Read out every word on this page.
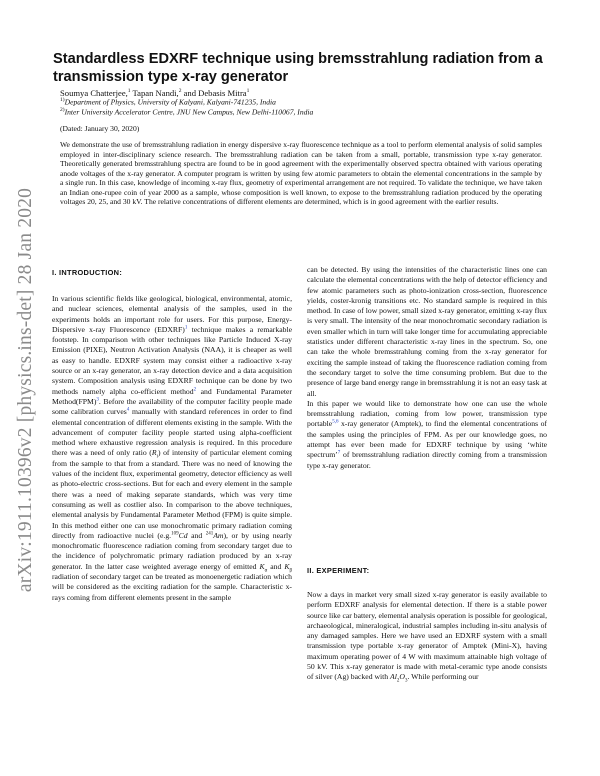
arXiv:1911.10396v2 [physics.ins-det] 28 Jan 2020
Standardless EDXRF technique using bremsstrahlung radiation from a transmission type x-ray generator
Soumya Chatterjee,$^1$ Tapan Nandi,$^2$ and Debasis Mitra$^1$
$^{1)}$Department of Physics, University of Kalyani, Kalyani-741235, India
$^{2)}$Inter University Accelerator Centre, JNU New Campus, New Delhi-110067, India
(Dated: January 30, 2020)

We demonstrate the use of bremsstrahlung radiation in energy dispersive x-ray fluorescence technique as a tool to perform elemental analysis of solid samples employed in inter-disciplinary science research. The bremsstrahlung radiation can be taken from a small, portable, transmission type x-ray generator. Theoretically generated bremsstrahlung spectra are found to be in good agreement with the experimentally observed spectra obtained with various operating anode voltages of the x-ray generator. A computer program is written by using few atomic parameters to obtain the elemental concentrations in the sample by a single run. In this case, knowledge of incoming x-ray flux, geometry of experimental arrangement are not required. To validate the technique, we have taken an Indian one-rupee coin of year 2000 as a sample, whose composition is well known, to expose to the bremsstrahlung radiation produced by the operating voltages 20, 25, and 30 kV. The relative concentrations of different elements are determined, which is in good agreement with the earlier results.

I. INTRODUCTION:

In various scientific fields like geological, biological, environmental, atomic, and nuclear sciences, elemental analysis of the samples, used in the experiments holds an important role for users. For this purpose, Energy-Dispersive x-ray Fluorescence (EDXRF)$^1$ technique makes a remarkable footstep. In comparison with other techniques like Particle Induced X-ray Emission (PIXE), Neutron Activation Analysis (NAA), it is cheaper as well as easy to handle. EDXRF system may consist either a radioactive x-ray source or an x-ray generator, an x-ray detection device and a data acquisition system. Composition analysis using EDXRF technique can be done by two methods namely alpha co-efficient method$^2$ and Fundamental Parameter Method(FPM)$^3$. Before the availability of the computer facility people made some calibration curves$^4$ manually with standard references in order to find elemental concentration of different elements existing in the sample. With the advancement of computer facility people started using alpha-coefficient method where exhaustive regression analysis is required. In this procedure there was a need of only ratio $(R_i)$ of intensity of particular element coming from the sample to that from a standard. There was no need of knowing the values of the incident flux, experimental geometry, detector efficiency as well as photo-electric cross-sections. But for each and every element in the sample there was a need of making separate standards, which was very time consuming as well as costlier also. In comparison to the above techniques, elemental analysis by Fundamental Parameter Method (FPM) is quite simple. In this method either one can use monochromatic primary radiation coming directly from radioactive nuclei (e.g.$^{109}$Cd and $^{241}$Am), or by using nearly monochromatic fluorescence radiation coming from secondary target due to the incidence of polychromatic primary radiation produced by an x-ray generator. In the latter case weighted average energy of emitted $K_\alpha$ and $K_\beta$ radiation of secondary target can be treated as monoenergetic radiation which will be considered as the exciting radiation for the sample. Characteristic x-rays coming from different elements present in the sample

can be detected. By using the intensities of the characteristic lines one can calculate the elemental concentrations with the help of detector efficiency and few atomic parameters such as photo-ionization cross-section, fluorescence yields, coster-kronig transitions etc. No standard sample is required in this method. In case of low power, small sized x-ray generator, emitting x-ray flux is very small. The intensity of the near monochromatic secondary radiation is even smaller which in turn will take longer time for accumulating appreciable statistics under different characteristic x-ray lines in the spectrum. So, one can take the whole bremsstrahlung coming from the x-ray generator for exciting the sample instead of taking the fluorescence radiation coming from the secondary target to solve the time consuming problem. But due to the presence of large band energy range in bremsstrahlung it is not an easy task at all.

In this paper we would like to demonstrate how one can use the whole bremsstrahlung radiation, coming from low power, transmission type portable$^{5,6}$ x-ray generator (Amptek), to find the elemental concentrations of the samples using the principles of FPM. As per our knowledge goes, no attempt has ever been made for EDXRF technique by using ‘white spectrum’$^7$ of bremsstrahlung radiation directly coming from a transmission type x-ray generator.

II. EXPERIMENT:

Now a days in market very small sized x-ray generator is easily available to perform EDXRF analysis for elemental detection. If there is a stable power source like car battery, elemental analysis operation is possible for geological, archaeological, mineralogical, industrial samples including in-situ analysis of any damaged samples. Here we have used an EDXRF system with a small transmission type portable x-ray generator of Amptek (Mini-X), having maximum operating power of 4 W with maximum attainable high voltage of 50 kV. This x-ray generator is made with metal-ceramic type anode consists of silver (Ag) backed with $Al_2O_3$. While performing our
